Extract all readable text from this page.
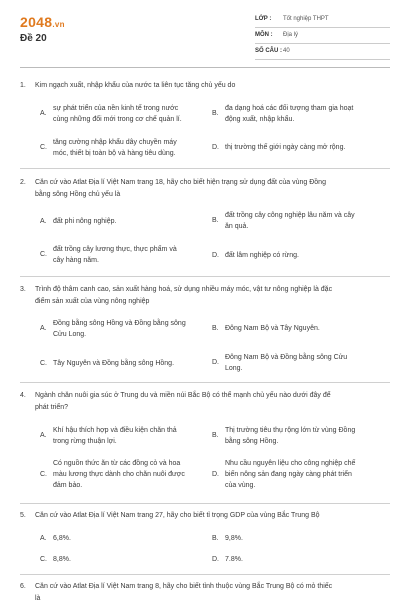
2048.vn
Đề 20
LỚP : Tốt nghiệp THPT
MÔN : Địa lý
SỐ CÂU : 40
1. Kim ngạch xuất, nhập khẩu của nước ta liên tục tăng chủ yếu do
A.
sự phát triển của nền kinh tế trong nước
cùng những đổi mới trong cơ chế quản lí.
B.
đa dạng hoá các đối tượng tham gia hoạt
động xuất, nhập khẩu.
C.
tăng cường nhập khẩu dây chuyền máy
móc, thiết bị toàn bộ và hàng tiêu dùng.
D. thị trường thế giới ngày càng mở rộng.
2. Căn cứ vào Atlat Địa lí Việt Nam trang 18, hãy cho biết hiện trạng sử dụng đất của vùng Đồng
bằng sông Hồng chủ yếu là
A. đất phi nông nghiệp.	B.
đất trồng cây công nghiệp lâu năm và cây
ăn quả.
C.
đất trồng cây lương thực, thực phẩm và
cây hàng năm.
D. đất lâm nghiệp có rừng.
3. Trình độ thâm canh cao, sản xuất hàng hoá, sử dụng nhiều máy móc, vật tư nông nghiệp là đặc
điểm sản xuất của vùng nông nghiệp
A.
Đồng bằng sông Hồng và Đồng bằng sông
Cửu Long.
B. Đông Nam Bộ và Tây Nguyên.
C. Tây Nguyên và Đồng bằng sông Hồng.	D.
Đông Nam Bộ và Đồng bằng sông Cửu
Long.
4. Ngành chăn nuôi gia súc ở Trung du và miền núi Bắc Bộ có thể mạnh chủ yếu nào dưới đây để
phát triển?
A.
Khí hậu thích hợp và điều kiện chăn thả
trong rừng thuận lợi.
B.
Thị trường tiêu thụ rộng lớn từ vùng Đồng
bằng sông Hồng.
C.
Có nguồn thức ăn từ các đồng cỏ và hoa
màu lương thực dành cho chăn nuôi được
đảm bảo.
D.
Nhu cầu nguyên liệu cho công nghiệp chế
biến nông sản đang ngày càng phát triển
của vùng.
5. Căn cứ vào Atlat Địa lí Việt Nam trang 27, hãy cho biết tỉ trọng GDP của vùng Bắc Trung Bộ
A. 6,8%.	B. 9,8%.
C. 8,8%.	D. 7.8%.
6. Căn cứ vào Atlat Địa lí Việt Nam trang 8, hãy cho biết tỉnh thuộc vùng Bắc Trung Bộ có mỏ thiếc
là
